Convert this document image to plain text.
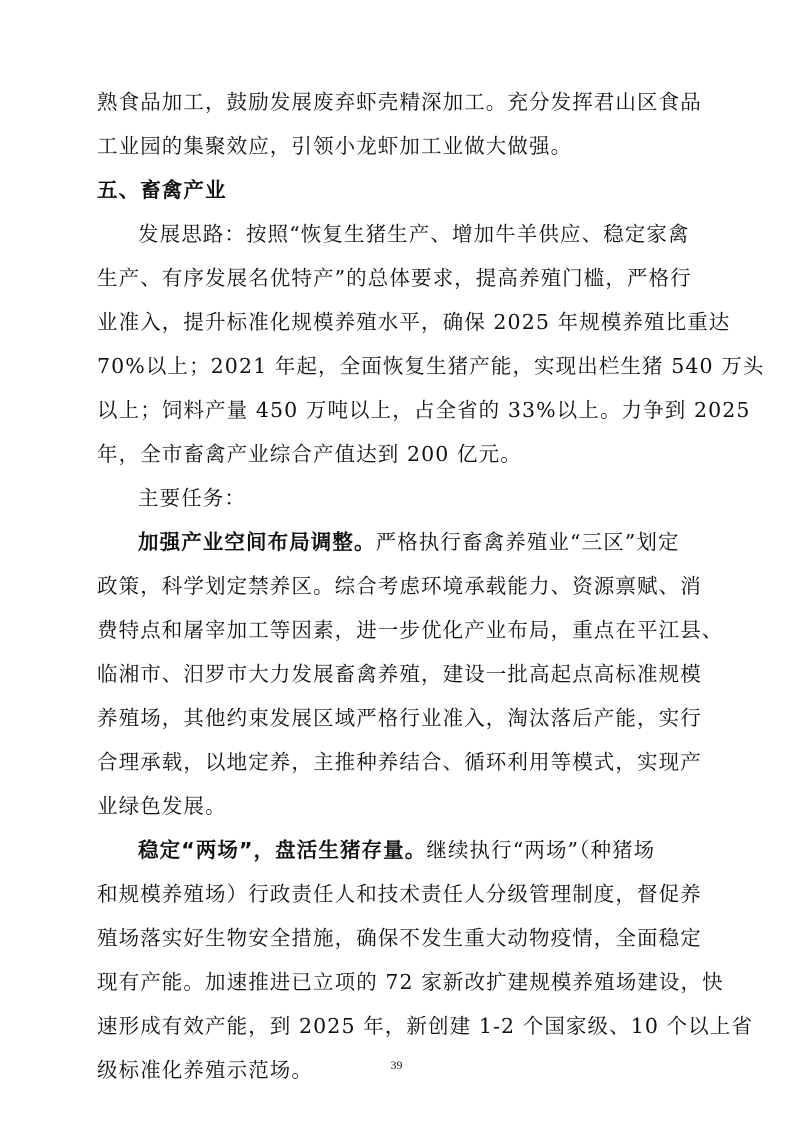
熟食品加工，鼓励发展废弃虾壳精深加工。充分发挥君山区食品
工业园的集聚效应，引领小龙虾加工业做大做强。
五、畜禽产业
发展思路：按照“恢复生猪生产、增加牛羊供应、稳定家禽
生产、有序发展名优特产”的总体要求，提高养殖门槛，严格行
业准入，提升标准化规模养殖水平，确保 2025 年规模养殖比重达
70%以上；2021 年起，全面恢复生猪产能，实现出栏生猪 540 万头
以上；饲料产量 450 万吨以上，占全省的 33%以上。力争到 2025
年，全市畜禽产业综合产值达到 200 亿元。
主要任务：
加强产业空间布局调整。严格执行畜禽养殖业“三区”划定
政策，科学划定禁养区。综合考虑环境承载能力、资源禀赋、消
费特点和屠宰加工等因素，进一步优化产业布局，重点在平江县、
临湘市、汨罗市大力发展畜禽养殖，建设一批高起点高标准规模
养殖场，其他约束发展区域严格行业准入，淘汰落后产能，实行
合理承载，以地定养，主推种养结合、循环利用等模式，实现产
业绿色发展。
稳定“两场”，盘活生猪存量。继续执行“两场”（种猪场
和规模养殖场）行政责任人和技术责任人分级管理制度，督促养
殖场落实好生物安全措施，确保不发生重大动物疫情，全面稳定
现有产能。加速推进已立项的 72 家新改扩建规模养殖场建设，快
速形成有效产能，到 2025 年，新创建 1-2 个国家级、10 个以上省
级标准化养殖示范场。	39
